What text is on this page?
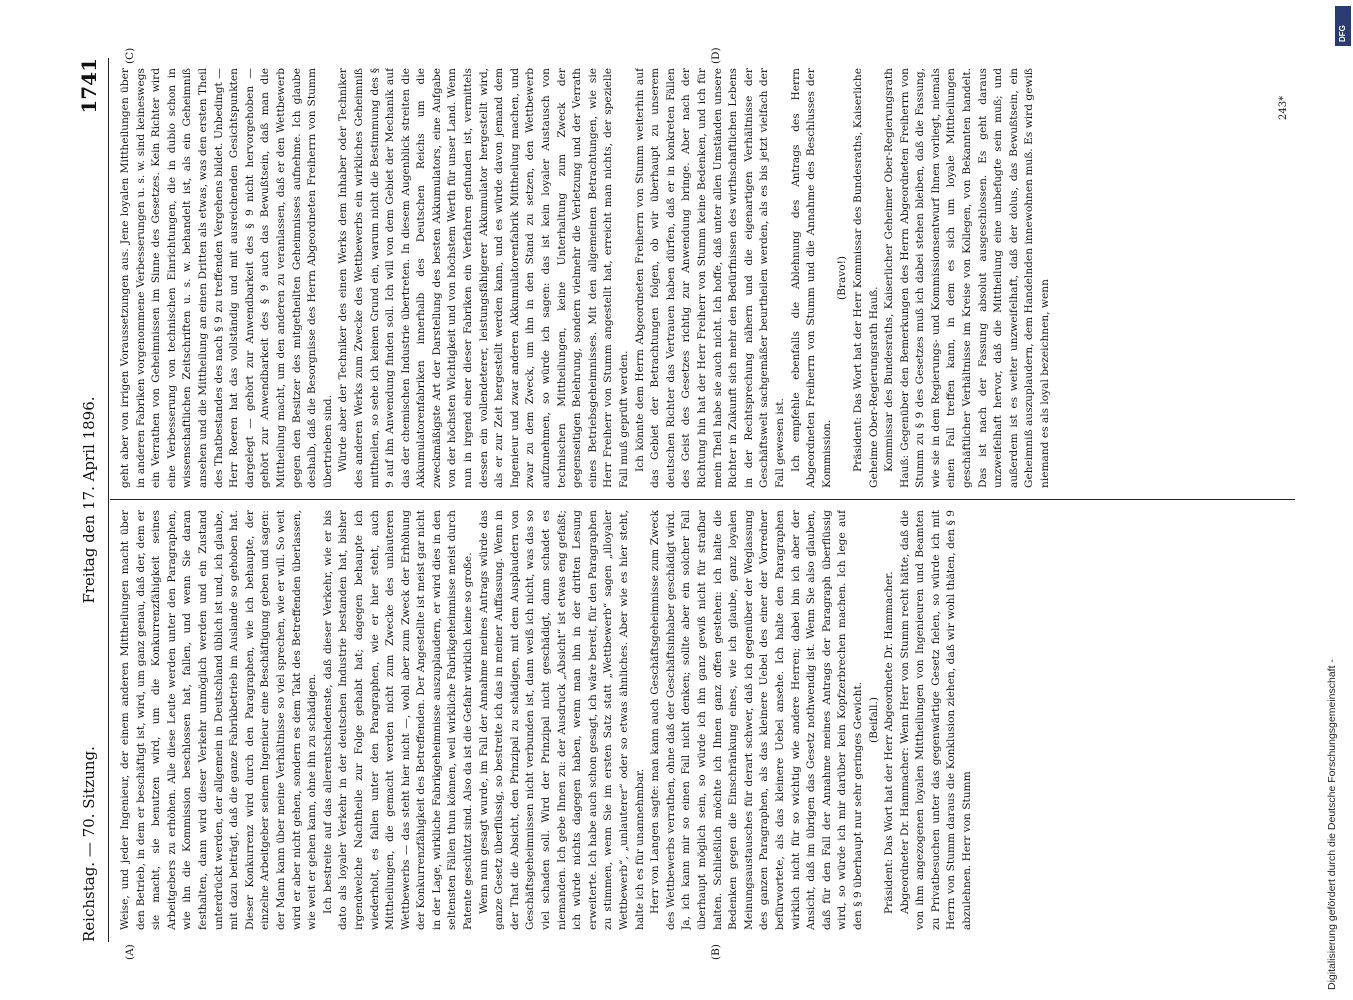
Reichstag. — 70. Sitzung.
Freitag den 17. April 1896.
1741
(A)	(B)
(C)	(D)

Weise, und jeder Ingenieur, der einem anderen Mittheilungen macht über den Betrieb, in dem er beschäftigt ist, wird, um ganz genau, daß der, dem er sie macht, sie benutzen wird, um die Konkurrenzfähigkeit seines Arbeitgebers zu erhöhen. Alle diese Leute werden unter den Paragraphen, wie ihn die Kommission beschlossen hat, fallen, und wenn Sie daran festhalten, dann wird dieser Verkehr unmöglich werden und ein Zustand unterdrückt werden, der allgemein in Deutschland üblich ist und, ich glaube, mit dazu beiträgt, daß die ganze Fabrikbetrieb im Auslande so gehoben hat. Dieser Konkurrenz wird durch den Paragraphen, wie ich behaupte, der einzelne Arbeitgeber seinem Ingenieur eine Beschäftigung geben und sagen: der Mann kann über meine Verhältnisse so viel sprechen, wie er will. So weit wird er aber nicht gehen, sondern es dem Takt des Betreffenden überlassen, wie weit er gehen kann, ohne ihn zu schädigen. Ich bestreite auf das allerentschiedenste, daß dieser Verkehr, wie er bis dato als loyaler Verkehr in der deutschen Industrie bestanden hat, bisher irgendwelche Nachtheile zur Folge gehabt hat; dagegen behaupte ich wiederholt, es fallen unter den Paragraphen, wie er hier steht, auch Mittheilungen, die gemacht werden nicht zum Zwecke des unlauteren Wettbewerbs — das steht hier nicht —, wohl aber zum Zweck der Erhöhung der Konkurrenzfähigkeit des Betreffenden. Der Angestellte ist meist gar nicht in der Lage, wirkliche Fabrikgeheimnisse auszuplaudern, er wird dies in den seltensten Fällen thun können, weil wirkliche Fabrikgeheimnisse meist durch Patente geschützt sind. Also da ist die Gefahr wirklich keine so große. Wenn nun gesagt wurde, im Fall der Annahme meines Antrags würde das ganze Gesetz überflüssig, so bestreite ich das in meiner Auffassung. Wenn in der That die Absicht, den Prinzipal zu schädigen, mit dem Ausplaudern von Geschäftsgeheimnissen nicht verbunden ist, dann weiß ich nicht, was das so viel schaden soll. Wird der Prinzipal nicht geschädigt, dann schadet es niemanden. Ich gebe Ihnen zu: der Ausdruck „Absicht“ ist etwas eng gefaßt; ich würde nichts dagegen haben, wenn man ihn in der dritten Lesung erweiterte. Ich habe auch schon gesagt, ich wäre bereit, für den Paragraphen zu stimmen, wenn Sie im ersten Satz statt „Wettbewerb“ sagen „illoyaler Wettbewerb“, „unlauterer“ oder so etwas ähnliches. Aber wie es hier steht, halte ich es für unannehmbar. Herr von Langen sagte: man kann auch Geschäftsgeheimnisse zum Zweck des Wettbewerbs verrathen, ohne daß der Geschäftsinhaber geschädigt wird. Ja, ich kann mir so einen Fall nicht denken; sollte aber ein solcher Fall überhaupt möglich sein, so würde ich ihn ganz gewiß nicht für strafbar halten. Schließlich möchte ich Ihnen ganz offen gestehen: ich halte die Bedenken gegen die Einschränkung eines, wie ich glaube, ganz loyalen Meinungsaustausches für derart schwer, daß ich gegenüber der Weglassung des ganzen Paragraphen, als das kleinere Uebel des einer der Vorredner befürwortete, als das kleinere Uebel ansehe. Ich halte den Paragraphen wirklich nicht für so wichtig wie andere Herren; dabei bin ich aber der Ansicht, daß im übrigen das Gesetz nothwendig ist. Wenn Sie also glauben, daß für den Fall der Annahme meines Antrags der Paragraph überflüssig wird, so würde ich mir darüber kein Kopfzerbrechen machen. Ich lege auf den § 9 überhaupt nur sehr geringes Gewicht. (Beifall.) Präsident: Das Wort hat der Herr Abgeordnete Dr. Hammacher. Abgeordneter Dr. Hammacher: Wenn Herr von Stumm recht hätte, daß die von ihm angezogenen loyalen Mittheilungen von Ingenieuren und Beamten zu Privatbesuchen unter das gegenwärtige Gesetz fielen, so würde ich mit Herrn von Stumm daraus die Konklusion ziehen, daß wir wohl thäten, den § 9 abzulehnen. Herr von Stumm

geht aber von irrigen Voraussetzungen aus. Jene loyalen Mittheilungen über in anderen Fabriken vorgenommene Verbesserungen u. s. w. sind keineswegs ein Verrathen von Geheimnissen im Sinne des Gesetzes. Kein Richter wird eine Verbesserung von technischen Einrichtungen, die in dubio schon in wissenschaftlichen Zeitschriften u. s. w. behandelt ist, als ein Geheimniß ansehen und die Mittheilung an einen Dritten als etwas, was den ersten Theil des Thatbestandes des nach § 9 zu treffenden Vergehens bildet. Unbedingt — Herr Roeren hat das vollständig und mit ausreichenden Gesichtspunkten dargelegt — gehört zur Anwendbarkeit des § 9 nicht hervorgehoben — gehört zur Anwendbarkeit des § 9 auch das Bewußtsein, daß man die Mittheilung macht, um den anderen zu veranlassen, daß er den Wettbewerb gegen den Besitzer des mitgetheilten Geheimnisses aufnehme. Ich glaube deshalb, daß die Besorgnisse des Herrn Abgeordneten Freiherrn von Stumm übertrieben sind. Würde aber der Techniker des einen Werks dem Inhaber oder Techniker des anderen Werks zum Zwecke des Wettbewerbs ein wirkliches Geheimniß mittheilen, so sehe ich keinen Grund ein, warum nicht die Bestimmung des § 9 auf ihn Anwendung finden soll. Ich will von dem Gebiet der Mechanik auf das der chemischen Industrie übertreten. In diesem Augenblick streiten die Akkumulatorenfabriken innerhalb des Deutschen Reichs um die zweckmäßigste Art der Darstellung des besten Akkumulators, eine Aufgabe von der höchsten Wichtigkeit und von höchstem Werth für unser Land. Wenn nun in irgend einer dieser Fabriken ein Verfahren gefunden ist, vermittels dessen ein vollendeterer, leistungsfähigerer Akkumulator hergestellt wird, als er zur Zeit hergestellt werden kann, und es würde davon jemand dem Ingenieur und zwar anderen Akkumulatorenfabrik Mittheilung machen, und zwar zu dem Zweck, um ihn in den Stand zu setzen, den Wettbewerb aufzunehmen, so würde ich sagen: das ist kein loyaler Austausch von technischen Mittheilungen, keine Unterhaltung zum Zweck der gegenseitigen Belehrung, sondern vielmehr die Verletzung und der Verrath eines Betriebsgeheimnisses. Mit den allgemeinen Betrachtungen, wie sie Herr Freiherr von Stumm angestellt hat, erreicht man nichts, der spezielle Fall muß geprüft werden. Ich könnte dem Herrn Abgeordneten Freiherrn von Stumm weiterhin auf das Gebiet der Betrachtungen folgen, ob wir überhaupt zu unserem deutschen Richter das Vertrauen haben dürfen, daß er in konkreten Fällen des Geist des Gesetzes richtig zur Anwendung bringe. Aber nach der Richtung hin hat der Herr Freiherr von Stumm keine Bedenken, und ich für mein Theil habe sie auch nicht. Ich hoffe, daß unter allen Umständen unsere Richter in Zukunft sich mehr den Bedürfnissen des wirthschaftlichen Lebens in der Rechtsprechung nähern und die eigenartigen Verhältnisse der Geschäftswelt sachgemäßer beurtheilen werden, als es bis jetzt vielfach der Fall gewesen ist. Ich empfehle ebenfalls die Ablehnung des Antrags des Herrn Abgeordneten Freiherrn von Stumm und die Annahme des Beschlusses der Kommission.

(Bravo!) Präsident: Das Wort hat der Herr Kommissar des Bundesraths, Kaiserliche Geheime Ober-Regierungsrath Hauß. Kommissar des Bundesraths, Kaiserlicher Geheimer Ober-Regierungsrath Hauß: Gegenüber den Bemerkungen des Herrn Abgeordneten Freiherrn von Stumm zu § 9 des Gesetzes muß ich dabei stehen bleiben, daß die Fassung, wie sie in dem Regierungs- und Kommissionsentwurf Ihnen vorliegt, niemals einen Fall treffen kann, in dem es sich um loyale Mittheilungen geschäftlicher Verhältnisse im Kreise von Kollegen, von Bekannten handelt. Das ist nach der Fassung absolut ausgeschlossen. Es geht daraus unzweifelhaft hervor, daß die Mittheilung eine unbefugte sein muß; und außerdem ist es weiter unzweifelhaft, daß der dolus, das Bewußtsein, ein Geheimniß auszuplaudern, dem Handelnden innewohnen muß. Es wird gewiß niemand es als loyal bezeichnen, wenn

243*
Digitalisierung gefördert durch die Deutsche Forschungsgemeinschaft -
DFG
